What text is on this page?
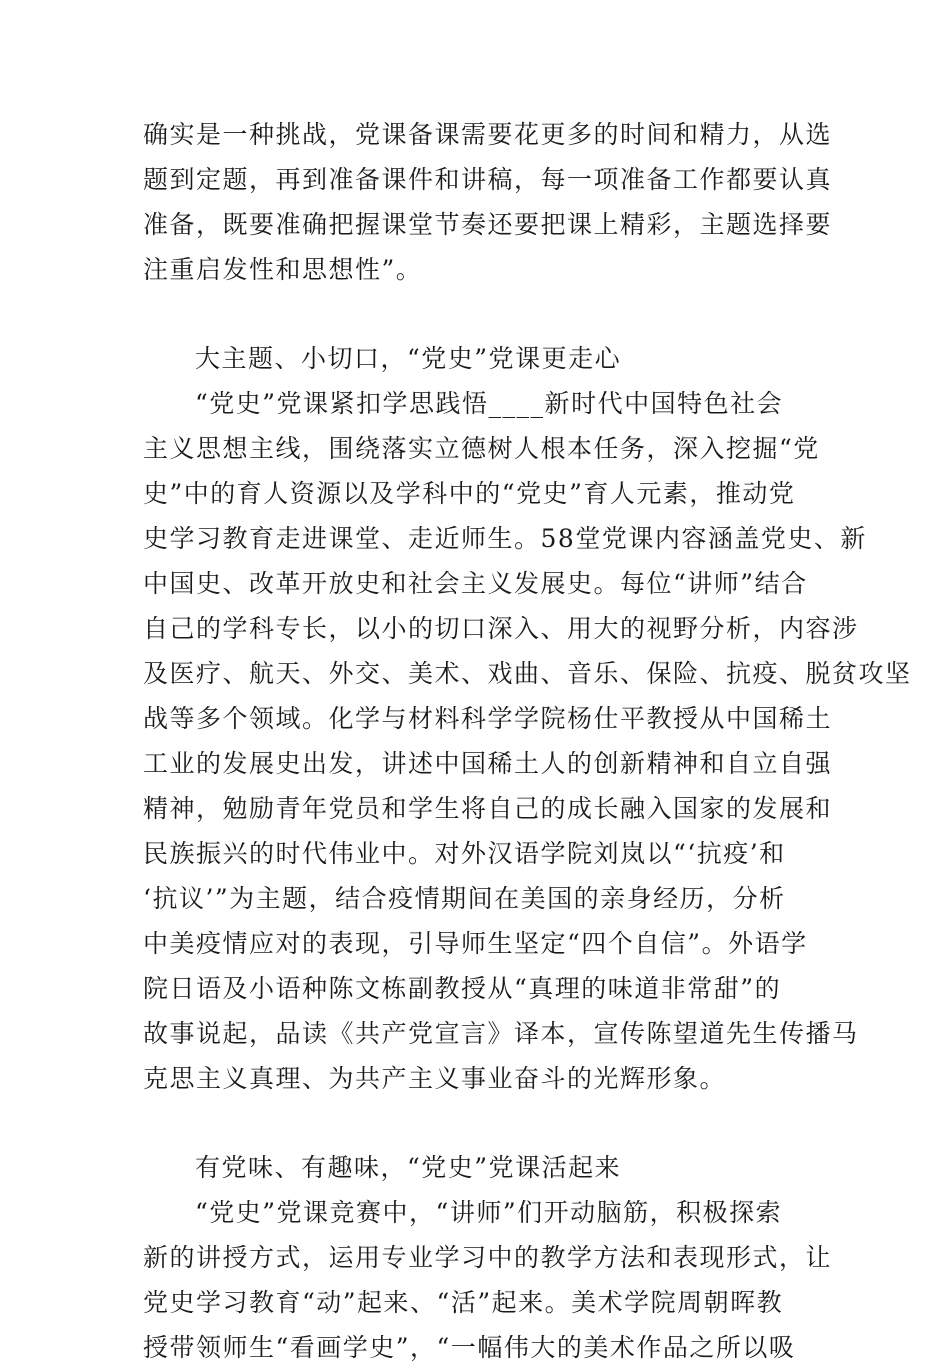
确实是一种挑战，党课备课需要花更多的时间和精力，从选
题到定题，再到准备课件和讲稿，每一项准备工作都要认真
准备，既要准确把握课堂节奏还要把课上精彩，主题选择要
注重启发性和思想性”。
大主题、小切口，“党史”党课更走心
“党史”党课紧扣学思践悟____新时代中国特色社会
主义思想主线，围绕落实立德树人根本任务，深入挖掘“党
史”中的育人资源以及学科中的“党史”育人元素，推动党
史学习教育走进课堂、走近师生。58堂党课内容涵盖党史、新
中国史、改革开放史和社会主义发展史。每位“讲师”结合
自己的学科专长，以小的切口深入、用大的视野分析，内容涉
及医疗、航天、外交、美术、戏曲、音乐、保险、抗疫、脱贫攻坚
战等多个领域。化学与材料科学学院杨仕平教授从中国稀土
工业的发展史出发，讲述中国稀土人的创新精神和自立自强
精神，勉励青年党员和学生将自己的成长融入国家的发展和
民族振兴的时代伟业中。对外汉语学院刘岚以“‘抗疫’和
‘抗议’”为主题，结合疫情期间在美国的亲身经历，分析
中美疫情应对的表现，引导师生坚定“四个自信”。外语学
院日语及小语种陈文栋副教授从“真理的味道非常甜”的
故事说起，品读《共产党宣言》译本，宣传陈望道先生传播马
克思主义真理、为共产主义事业奋斗的光辉形象。
有党味、有趣味，“党史”党课活起来
“党史”党课竞赛中，“讲师”们开动脑筋，积极探索
新的讲授方式，运用专业学习中的教学方法和表现形式，让
党史学习教育“动”起来、“活”起来。美术学院周朝晖教
授带领师生“看画学史”，“一幅伟大的美术作品之所以吸
